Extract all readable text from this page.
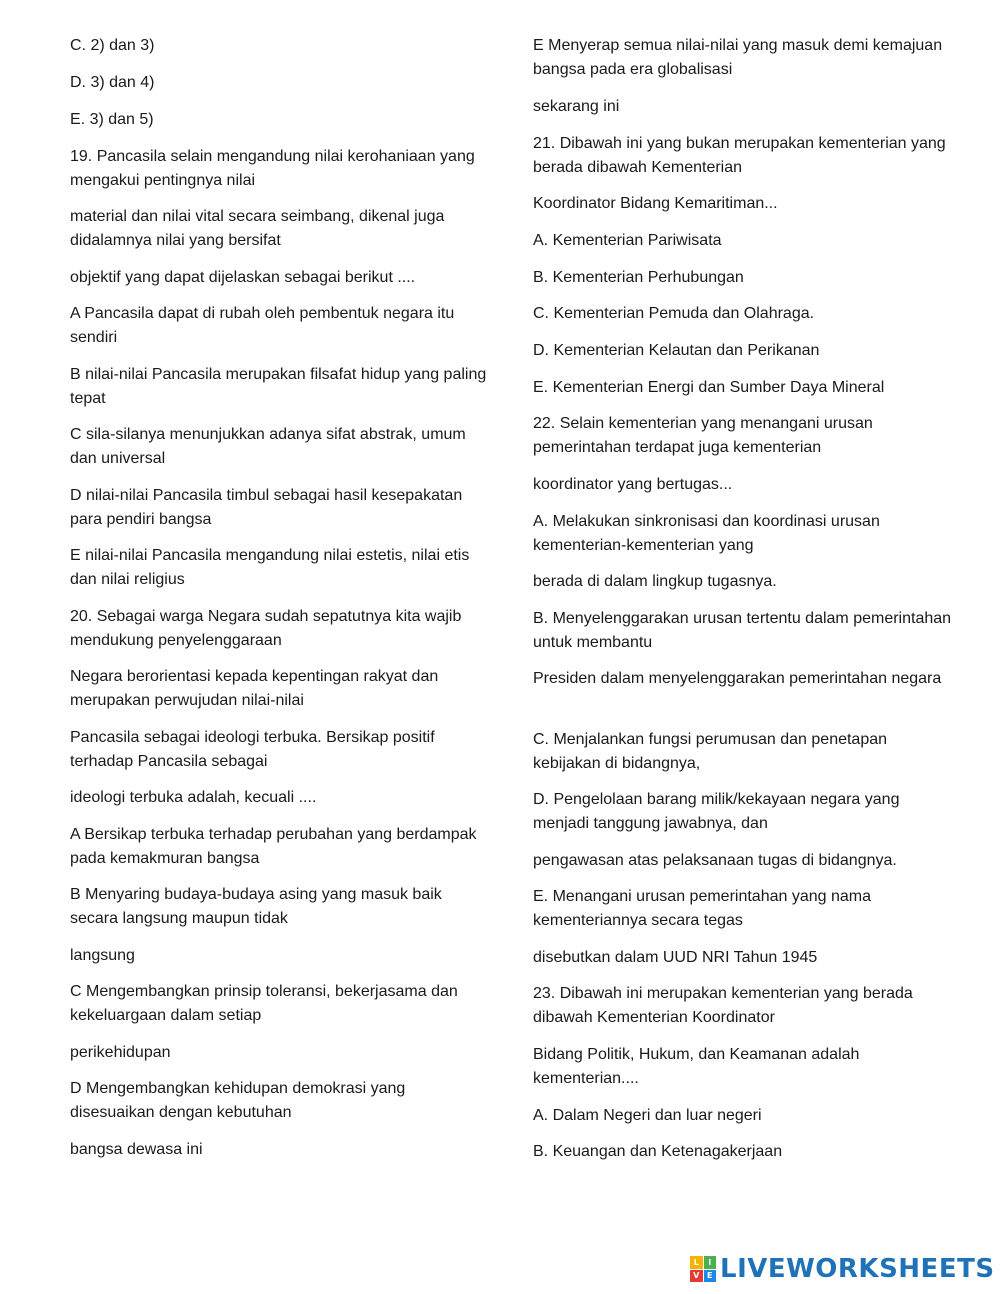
C. 2) dan 3)

D. 3) dan 4)

E. 3) dan 5)

19. Pancasila selain mengandung nilai kerohaniaan yang mengakui pentingnya nilai

material dan nilai vital secara seimbang, dikenal juga didalamnya nilai yang bersifat

objektif yang dapat dijelaskan sebagai berikut ....

A Pancasila dapat di rubah oleh pembentuk negara itu sendiri

B nilai-nilai Pancasila merupakan filsafat hidup yang paling tepat

C sila-silanya menunjukkan adanya sifat abstrak, umum dan universal

D nilai-nilai Pancasila timbul sebagai hasil kesepakatan para pendiri bangsa

E nilai-nilai Pancasila mengandung nilai estetis, nilai etis dan nilai religius

20. Sebagai warga Negara sudah sepatutnya kita wajib mendukung penyelenggaraan

Negara berorientasi kepada kepentingan rakyat dan merupakan perwujudan nilai-nilai

Pancasila sebagai ideologi terbuka. Bersikap positif terhadap Pancasila sebagai

ideologi terbuka adalah, kecuali ....

A Bersikap terbuka terhadap perubahan yang berdampak pada kemakmuran bangsa

B Menyaring budaya-budaya asing yang masuk baik secara langsung maupun tidak

langsung

C Mengembangkan prinsip toleransi, bekerjasama dan kekeluargaan dalam setiap

perikehidupan

D Mengembangkan kehidupan demokrasi yang disesuaikan dengan kebutuhan

bangsa dewasa ini

E Menyerap semua nilai-nilai yang masuk demi kemajuan bangsa pada era globalisasi

sekarang ini

21. Dibawah ini yang bukan merupakan kementerian yang berada dibawah Kementerian

Koordinator Bidang Kemaritiman...

A. Kementerian Pariwisata

B. Kementerian Perhubungan

C. Kementerian Pemuda dan Olahraga.

D. Kementerian Kelautan dan Perikanan

E. Kementerian Energi dan Sumber Daya Mineral

22. Selain kementerian yang menangani urusan pemerintahan terdapat juga kementerian

koordinator yang bertugas...

A. Melakukan sinkronisasi dan koordinasi urusan kementerian-kementerian yang

berada di dalam lingkup tugasnya.

B. Menyelenggarakan urusan tertentu dalam pemerintahan untuk membantu

Presiden dalam menyelenggarakan pemerintahan negara

C. Menjalankan fungsi perumusan dan penetapan kebijakan di bidangnya,

D. Pengelolaan barang milik/kekayaan negara yang menjadi tanggung jawabnya, dan

pengawasan atas pelaksanaan tugas di bidangnya.

E. Menangani urusan pemerintahan yang nama kementeriannya secara tegas

disebutkan dalam UUD NRI Tahun 1945

23. Dibawah ini merupakan kementerian yang berada dibawah Kementerian Koordinator

Bidang Politik, Hukum, dan Keamanan adalah kementerian....

A. Dalam Negeri dan luar negeri

B. Keuangan dan Ketenagakerjaan

L	I
V E LIVEWORKSHEETS
